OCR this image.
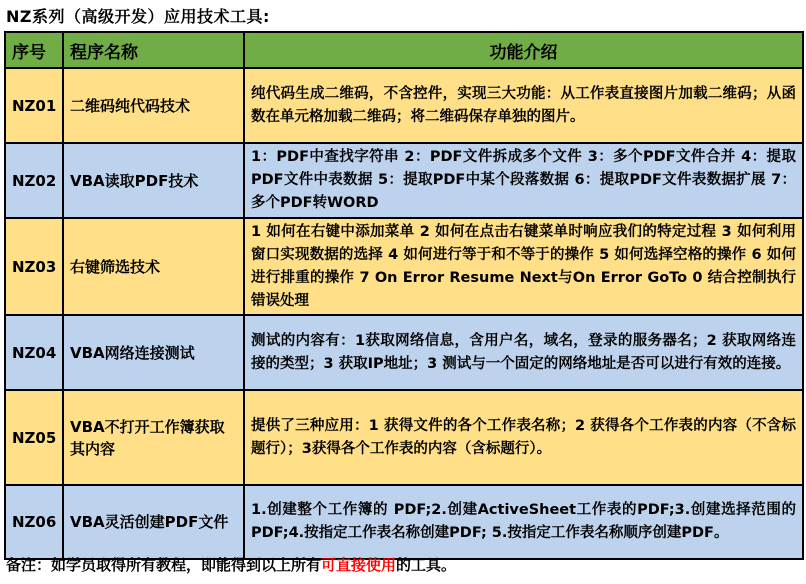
NZ系列（高级开发）应用技术工具:
序号	程序名称	功能介绍
NZ01	二维码纯代码技术	纯代码生成二维码，不含控件，实现三大功能：从工作表直接图片加载二维码；从函数在单元格加载二维码；将二维码保存单独的图片。
NZ02	VBA读取PDF技术	1：PDF中查找字符串 2：PDF文件拆成多个文件 3：多个PDF文件合并 4：提取PDF文件中表数据 5：提取PDF中某个段落数据 6：提取PDF文件表数据扩展 7：多个PDF转WORD
NZ03	右键筛选技术	1 如何在右键中添加菜单 2 如何在点击右键菜单时响应我们的特定过程 3 如何利用窗口实现数据的选择 4 如何进行等于和不等于的操作 5 如何选择空格的操作 6 如何进行排重的操作 7 On Error Resume Next与On Error GoTo 0 结合控制执行错误处理
NZ04	VBA网络连接测试	测试的内容有：1获取网络信息，含用户名，域名，登录的服务器名；2 获取网络连接的类型；3 获取IP地址；3 测试与一个固定的网络地址是否可以进行有效的连接。
NZ05	VBA不打开工作簿获取其内容	提供了三种应用：1 获得文件的各个工作表名称；2 获得各个工作表的内容（不含标题行）；3获得各个工作表的内容（含标题行）。
NZ06	VBA灵活创建PDF文件	1.创建整个工作簿的 PDF;2.创建ActiveSheet工作表的PDF;3.创建选择范围的PDF;4.按指定工作表名称创建PDF; 5.按指定工作表名称顺序创建PDF。
备注：如学员取得所有教程，即能得到以上所有可直接使用的工具。
